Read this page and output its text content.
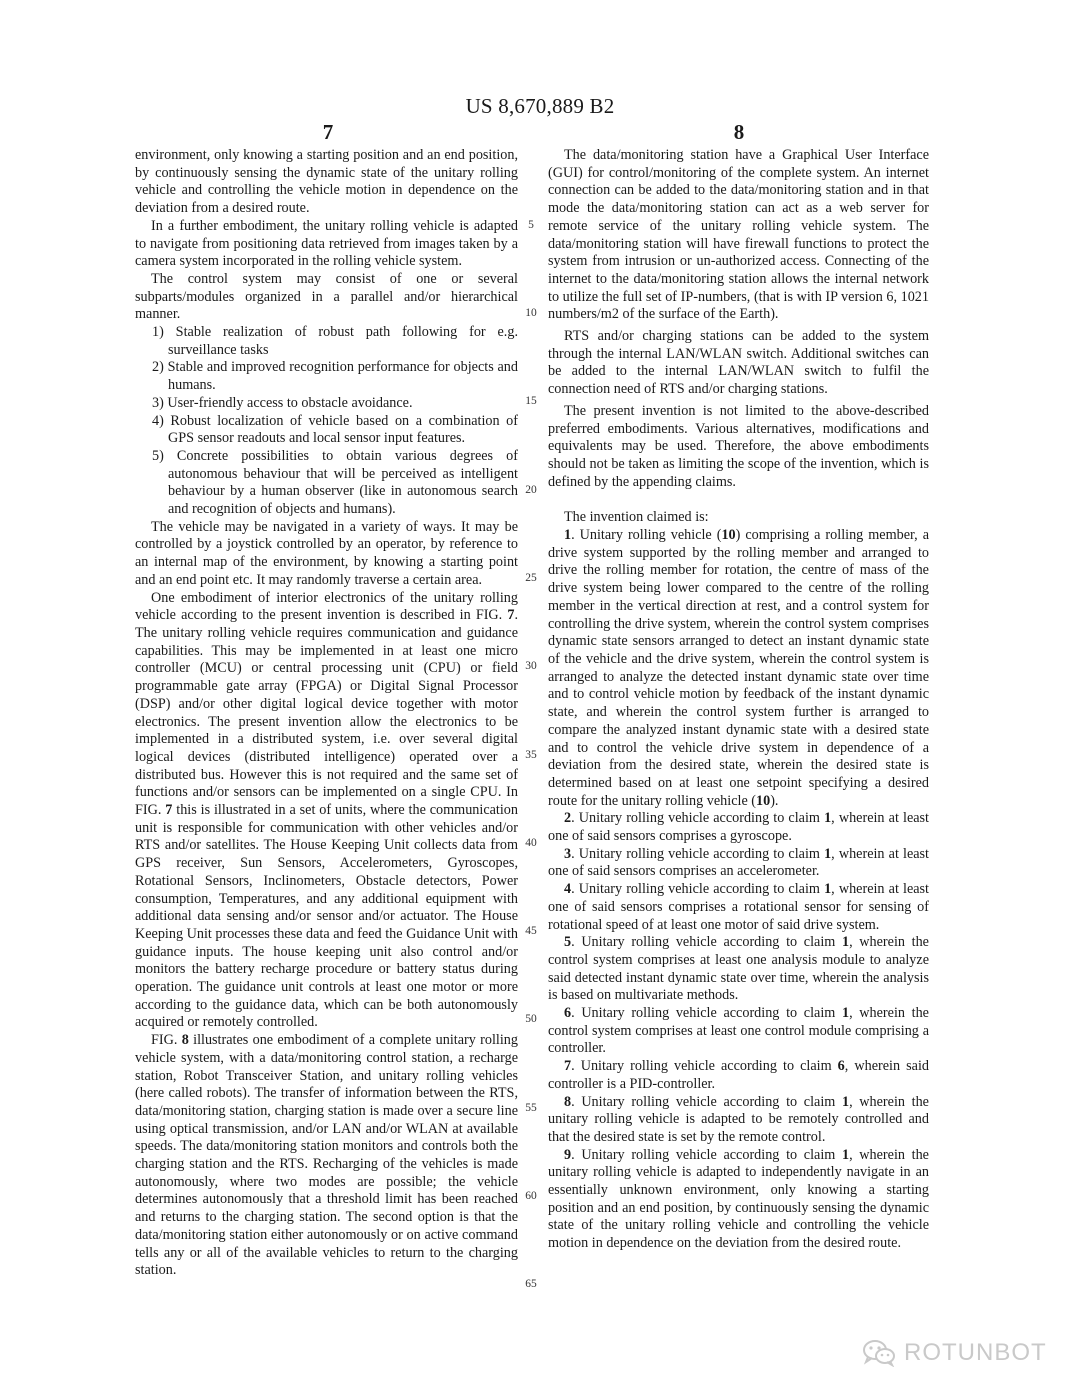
US 8,670,889 B2
7	8

environment, only knowing a starting position and an end position, by continuously sensing the dynamic state of the unitary rolling vehicle and controlling the vehicle motion in dependence on the deviation from a desired route.

In a further embodiment, the unitary rolling vehicle is adapted to navigate from positioning data retrieved from images taken by a camera system incorporated in the rolling vehicle system.

The control system may consist of one or several subparts/modules organized in a parallel and/or hierarchical manner.

1) Stable realization of robust path following for e.g. surveillance tasks
2) Stable and improved recognition performance for objects and humans.
3) User-friendly access to obstacle avoidance.
4) Robust localization of vehicle based on a combination of GPS sensor readouts and local sensor input features.
5) Concrete possibilities to obtain various degrees of autonomous behaviour that will be perceived as intelligent behaviour by a human observer (like in autonomous search and recognition of objects and humans).

The vehicle may be navigated in a variety of ways. It may be controlled by a joystick controlled by an operator, by reference to an internal map of the environment, by knowing a starting point and an end point etc. It may randomly traverse a certain area.

One embodiment of interior electronics of the unitary rolling vehicle according to the present invention is described in FIG. 7. The unitary rolling vehicle requires communication and guidance capabilities. This may be implemented in at least one micro controller (MCU) or central processing unit (CPU) or field programmable gate array (FPGA) or Digital Signal Processor (DSP) and/or other digital logical device together with motor electronics. The present invention allow the electronics to be implemented in a distributed system, i.e. over several digital logical devices (distributed intelligence) operated over a distributed bus. However this is not required and the same set of functions and/or sensors can be implemented on a single CPU. In FIG. 7 this is illustrated in a set of units, where the communication unit is responsible for communication with other vehicles and/or RTS and/or satellites. The House Keeping Unit collects data from GPS receiver, Sun Sensors, Accelerometers, Gyroscopes, Rotational Sensors, Inclinometers, Obstacle detectors, Power consumption, Temperatures, and any additional equipment with additional data sensing and/or sensor and/or actuator. The House Keeping Unit processes these data and feed the Guidance Unit with guidance inputs. The house keeping unit also control and/or monitors the battery recharge procedure or battery status during operation. The guidance unit controls at least one motor or more according to the guidance data, which can be both autonomously acquired or remotely controlled.

FIG. 8 illustrates one embodiment of a complete unitary rolling vehicle system, with a data/monitoring control station, a recharge station, Robot Transceiver Station, and unitary rolling vehicles (here called robots). The transfer of information between the RTS, data/monitoring station, charging station is made over a secure line using optical transmission, and/or LAN and/or WLAN at available speeds. The data/monitoring station monitors and controls both the charging station and the RTS. Recharging of the vehicles is made autonomously, where two modes are possible; the vehicle determines autonomously that a threshold limit has been reached and returns to the charging station. The second option is that the data/monitoring station either autonomously or on active command tells any or all of the available vehicles to return to the charging station.

5
10
15
20
25
30
35
40
45
50
55
60
65

The data/monitoring station have a Graphical User Interface (GUI) for control/monitoring of the complete system. An internet connection can be added to the data/monitoring station and in that mode the data/monitoring station can act as a web server for remote service of the unitary rolling vehicle system. The data/monitoring station will have firewall functions to protect the system from intrusion or un-authorized access. Connecting of the internet to the data/monitoring station allows the internal network to utilize the full set of IP-numbers, (that is with IP version 6, 1021 numbers/m2 of the surface of the Earth).

RTS and/or charging stations can be added to the system through the internal LAN/WLAN switch. Additional switches can be added to the internal LAN/WLAN switch to fulfil the connection need of RTS and/or charging stations.

The present invention is not limited to the above-described preferred embodiments. Various alternatives, modifications and equivalents may be used. Therefore, the above embodiments should not be taken as limiting the scope of the invention, which is defined by the appending claims.

The invention claimed is:

1. Unitary rolling vehicle (10) comprising a rolling member, a drive system supported by the rolling member and arranged to drive the rolling member for rotation, the centre of mass of the drive system being lower compared to the centre of the rolling member in the vertical direction at rest, and a control system for controlling the drive system, wherein the control system comprises dynamic state sensors arranged to detect an instant dynamic state of the vehicle and the drive system, wherein the control system is arranged to analyze the detected instant dynamic state over time and to control vehicle motion by feedback of the instant dynamic state, and wherein the control system further is arranged to compare the analyzed instant dynamic state with a desired state and to control the vehicle drive system in dependence of a deviation from the desired state, wherein the desired state is determined based on at least one setpoint specifying a desired route for the unitary rolling vehicle (10).

2. Unitary rolling vehicle according to claim 1, wherein at least one of said sensors comprises a gyroscope.

3. Unitary rolling vehicle according to claim 1, wherein at least one of said sensors comprises an accelerometer.

4. Unitary rolling vehicle according to claim 1, wherein at least one of said sensors comprises a rotational sensor for sensing of rotational speed of at least one motor of said drive system.

5. Unitary rolling vehicle according to claim 1, wherein the control system comprises at least one analysis module to analyze said detected instant dynamic state over time, wherein the analysis is based on multivariate methods.

6. Unitary rolling vehicle according to claim 1, wherein the control system comprises at least one control module comprising a controller.

7. Unitary rolling vehicle according to claim 6, wherein said controller is a PID-controller.

8. Unitary rolling vehicle according to claim 1, wherein the unitary rolling vehicle is adapted to be remotely controlled and that the desired state is set by the remote control.

9. Unitary rolling vehicle according to claim 1, wherein the unitary rolling vehicle is adapted to independently navigate in an essentially unknown environment, only knowing a starting position and an end position, by continuously sensing the dynamic state of the unitary rolling vehicle and controlling the vehicle motion in dependence on the deviation from the desired route.

ROTUNBOT
